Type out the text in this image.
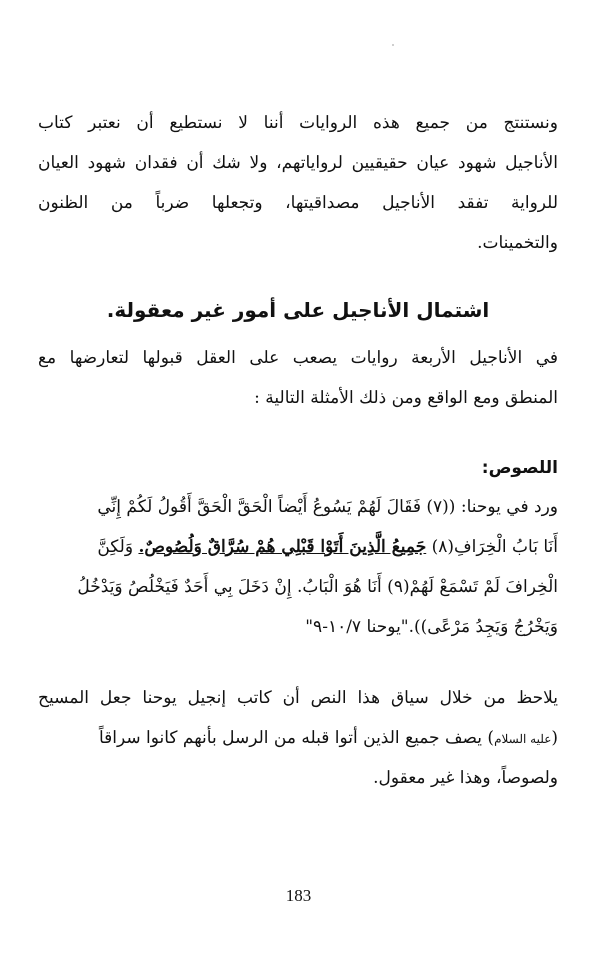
ونستنتج من جميع هذه الروايات أننا لا نستطيع أن نعتبر كتاب
الأناجيل شهود عيان حقيقيين لرواياتهم، ولا شك أن فقدان شهود العيان
للرواية تفقد الأناجيل مصداقيتها، وتجعلها ضرباً من الظنون
والتخمينات.
اشتمال الأناجيل على أمور غير معقولة.
في الأناجيل الأربعة روايات يصعب على العقل قبولها لتعارضها مع
المنطق ومع الواقع ومن ذلك الأمثلة التالية :
اللصوص:
ورد في يوحنا: ((٧) فَقَالَ لَهُمْ يَسُوعُ أَيْضاً الْحَقَّ الْحَقَّ أَقُولُ لَكُمْ إِنِّي
أَنَا بَابُ الْخِرَافِ(٨) جَمِيعُ الَّذِينَ أَتَوْا قَبْلِي هُمْ سُرَّاقٌ وَلُصُوصٌ. وَلَكِنَّ
الْخِرافَ لَمْ تَسْمَعْ لَهُمْ(٩) أَنَا هُوَ الْبَابُ. إِنْ دَخَلَ بِي أَحَدٌ فَيَخْلُصُ وَيَدْخُلُ
وَيَخْرُجُ وَيَجِدُ مَرْعًى))."يوحنا ١٠/٧-٩"
يلاحظ من خلال سياق هذا النص أن كاتب إنجيل يوحنا جعل المسيح
(عليه السلام) يصف جميع الذين أتوا قبله من الرسل بأنهم كانوا سراقاً
ولصوصاً، وهذا غير معقول.
183
